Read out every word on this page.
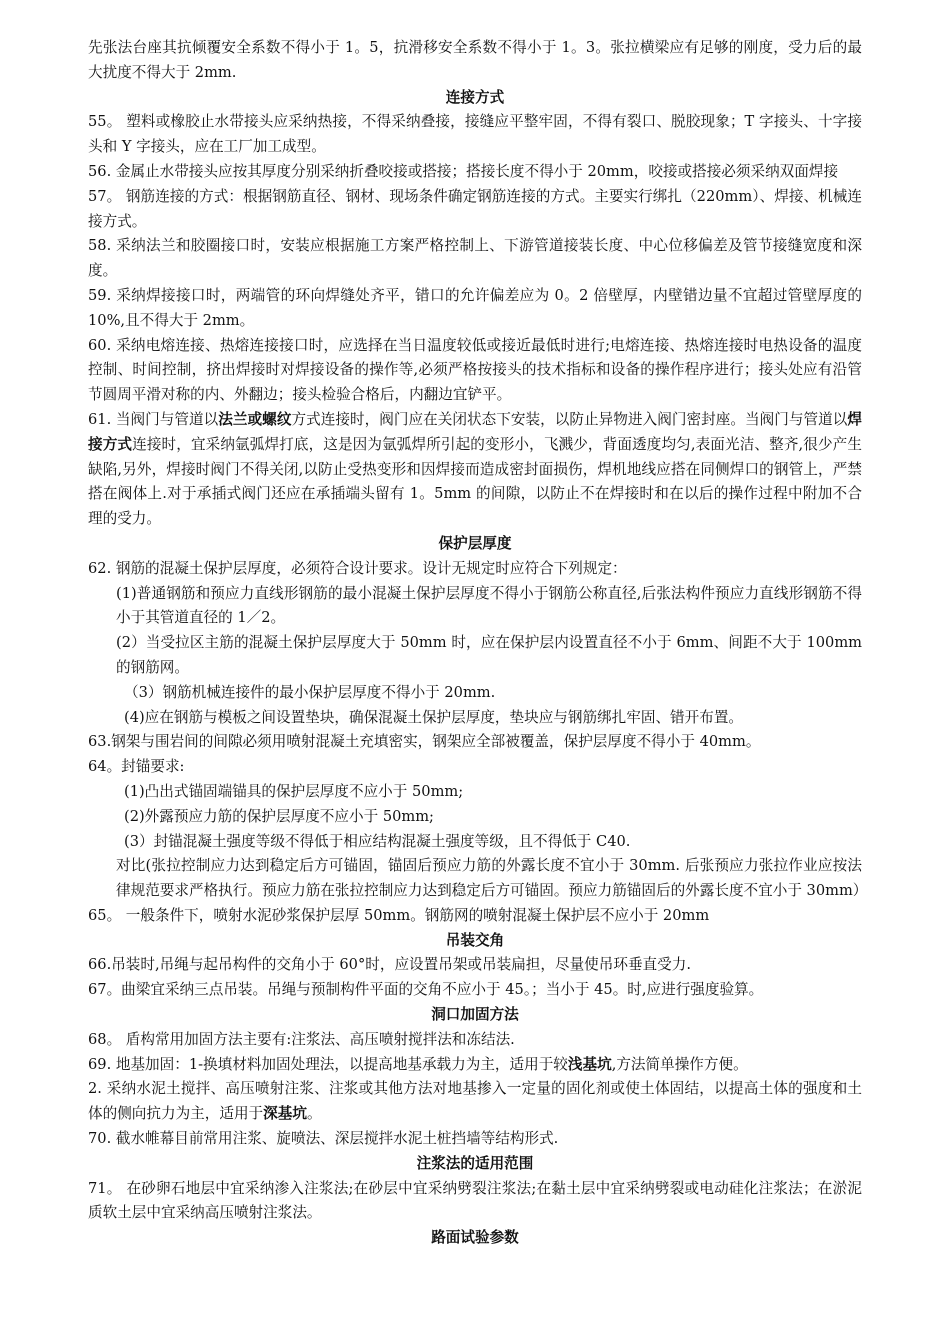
先张法台座其抗倾覆安全系数不得小于 1。5，抗滑移安全系数不得小于 1。3。张拉横梁应有足够的刚度，受力后的最大扰度不得大于 2mm.

连接方式

55。 塑料或橡胶止水带接头应采纳热接，不得采纳叠接，接缝应平整牢固，不得有裂口、脱胶现象；T 字接头、十字接头和 Y 字接头，应在工厂加工成型。

56. 金属止水带接头应按其厚度分别采纳折叠咬接或搭接；搭接长度不得小于 20mm，咬接或搭接必须采纳双面焊接

57。 钢筋连接的方式：根据钢筋直径、钢材、现场条件确定钢筋连接的方式。主要实行绑扎（220mm）、焊接、机械连接方式。

58. 采纳法兰和胶圈接口时，安装应根据施工方案严格控制上、下游管道接装长度、中心位移偏差及管节接缝宽度和深度。

59. 采纳焊接接口时，两端管的环向焊缝处齐平，错口的允许偏差应为 0。2 倍壁厚，内壁错边量不宜超过管壁厚度的 10%,且不得大于 2mm。

60. 采纳电熔连接、热熔连接接口时，应选择在当日温度较低或接近最低时进行;电熔连接、热熔连接时电热设备的温度控制、时间控制，挤出焊接时对焊接设备的操作等,必须严格按接头的技术指标和设备的操作程序进行；接头处应有沿管节圆周平滑对称的内、外翻边；接头检验合格后，内翻边宜铲平。

61. 当阀门与管道以法兰或螺纹方式连接时，阀门应在关闭状态下安装，以防止异物进入阀门密封座。当阀门与管道以焊接方式连接时，宜采纳氩弧焊打底，这是因为氩弧焊所引起的变形小，飞溅少，背面透度均匀,表面光洁、整齐,很少产生缺陷,另外，焊接时阀门不得关闭,以防止受热变形和因焊接而造成密封面损伤，焊机地线应搭在同侧焊口的钢管上，严禁搭在阀体上.对于承插式阀门还应在承插端头留有 1。5mm 的间隙，以防止不在焊接时和在以后的操作过程中附加不合理的受力。

保护层厚度

62. 钢筋的混凝土保护层厚度，必须符合设计要求。设计无规定时应符合下列规定：

(1)普通钢筋和预应力直线形钢筋的最小混凝土保护层厚度不得小于钢筋公称直径,后张法构件预应力直线形钢筋不得小于其管道直径的 1／2。

(2）当受拉区主筋的混凝土保护层厚度大于 50mm 时，应在保护层内设置直径不小于 6mm、间距不大于 100mm 的钢筋网。

（3）钢筋机械连接件的最小保护层厚度不得小于 20mm.

(4)应在钢筋与模板之间设置垫块，确保混凝土保护层厚度，垫块应与钢筋绑扎牢固、错开布置。

63.钢架与围岩间的间隙必须用喷射混凝土充填密实，钢架应全部被覆盖，保护层厚度不得小于 40mm。

64。封锚要求:

(1)凸出式锚固端锚具的保护层厚度不应小于 50mm;

(2)外露预应力筋的保护层厚度不应小于 50mm;

(3）封锚混凝土强度等级不得低于相应结构混凝土强度等级，且不得低于 C40.

对比(张拉控制应力达到稳定后方可锚固，锚固后预应力筋的外露长度不宜小于 30mm. 后张预应力张拉作业应按法律规范要求严格执行。预应力筋在张拉控制应力达到稳定后方可锚固。预应力筋锚固后的外露长度不宜小于 30mm）

65。 一般条件下，喷射水泥砂浆保护层厚 50mm。钢筋网的喷射混凝土保护层不应小于 20mm

吊装交角

66.吊装时,吊绳与起吊构件的交角小于 60°时，应设置吊架或吊装扁担，尽量使吊环垂直受力.

67。曲梁宜采纳三点吊装。吊绳与预制构件平面的交角不应小于 45。；当小于 45。时,应进行强度验算。

洞口加固方法

68。 盾构常用加固方法主要有:注浆法、高压喷射搅拌法和冻结法.

69. 地基加固：1-换填材料加固处理法，以提高地基承载力为主，适用于较浅基坑,方法简单操作方便。

2. 采纳水泥土搅拌、高压喷射注浆、注浆或其他方法对地基掺入一定量的固化剂或使土体固结，以提高土体的强度和土体的侧向抗力为主，适用于深基坑。

70. 截水帷幕目前常用注浆、旋喷法、深层搅拌水泥土桩挡墙等结构形式.

注浆法的适用范围

71。 在砂卵石地层中宜采纳渗入注浆法;在砂层中宜采纳劈裂注浆法;在黏土层中宜采纳劈裂或电动硅化注浆法；在淤泥质软土层中宜采纳高压喷射注浆法。

路面试验参数
